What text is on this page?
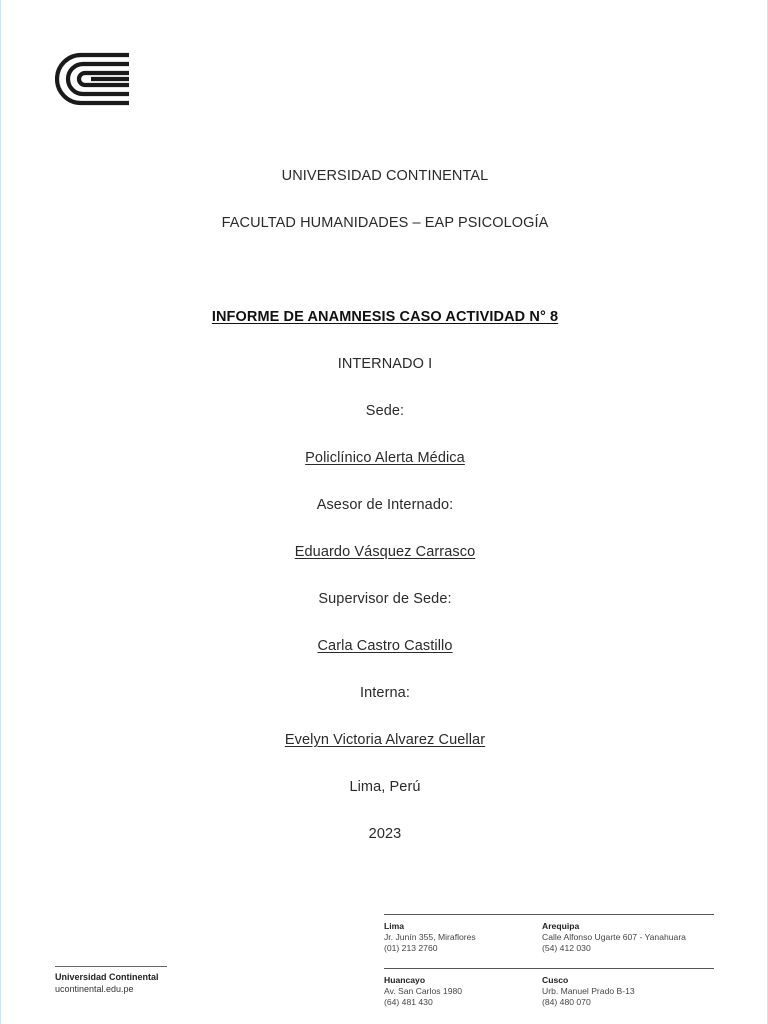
UNIVERSIDAD CONTINENTAL
FACULTAD HUMANIDADES – EAP PSICOLOGÍA
INFORME DE ANAMNESIS CASO ACTIVIDAD N° 8
INTERNADO I
Sede:
Policlínico Alerta Médica
Asesor de Internado:
Eduardo Vásquez Carrasco
Supervisor de Sede:
Carla Castro Castillo
Interna:
Evelyn Victoria Alvarez Cuellar
Lima, Perú
2023
Universidad Continental
ucontinental.edu.pe
Lima
Jr. Junín 355, Miraflores
(01) 213 2760
Arequipa
Calle Alfonso Ugarte 607 - Yanahuara
(54) 412 030
Huancayo
Av. San Carlos 1980
(64) 481 430
Cusco
Urb. Manuel Prado B-13
(84) 480 070
